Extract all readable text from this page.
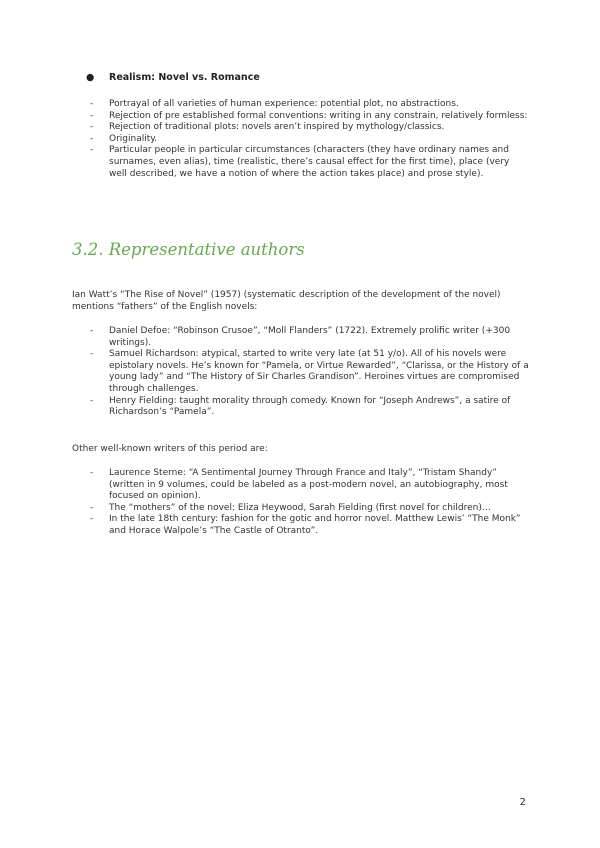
● Realism: Novel vs. Romance
- Portrayal of all varieties of human experience: potential plot, no abstractions.
- Rejection of pre established formal conventions: writing in any constrain, relatively formless:
- Rejection of traditional plots: novels aren’t inspired by mythology/classics.
- Originality.
- Particular people in particular circumstances (characters (they have ordinary names and surnames, even alias), time (realistic, there’s causal effect for the first time), place (very well described, we have a notion of where the action takes place) and prose style).
3.2. Representative authors
Ian Watt’s “The Rise of Novel” (1957) (systematic description of the development of the novel) mentions “fathers” of the English novels:
- Daniel Defoe: “Robinson Crusoe”, “Moll Flanders” (1722). Extremely prolific writer (+300 writings).
- Samuel Richardson: atypical, started to write very late (at 51 y/o). All of his novels were epistolary novels. He’s known for “Pamela, or Virtue Rewarded”, “Clarissa, or the History of a young lady” and “The History of Sir Charles Grandison”. Heroines virtues are compromised through challenges.
- Henry Fielding: taught morality through comedy. Known for “Joseph Andrews”, a satire of Richardson’s “Pamela”.
Other well-known writers of this period are:
- Laurence Sterne: “A Sentimental Journey Through France and Italy”, “Tristam Shandy” (written in 9 volumes, could be labeled as a post-modern novel, an autobiography, most focused on opinion).
- The “mothers” of the novel: Eliza Heywood, Sarah Fielding (first novel for children)…
- In the late 18th century: fashion for the gotic and horror novel. Matthew Lewis’ “The Monk” and Horace Walpole’s “The Castle of Otranto”.
2
